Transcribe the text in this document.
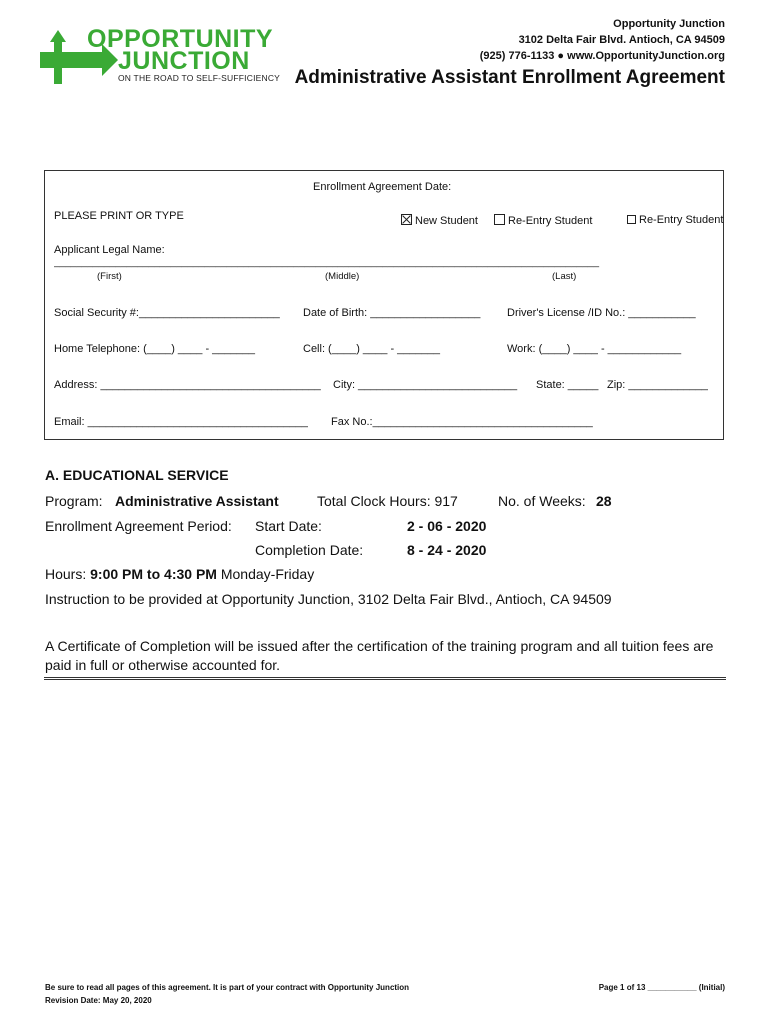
OPPORTUNITY
JUNCTION
ON THE ROAD TO SELF-SUFFICIENCY
Opportunity Junction
3102 Delta Fair Blvd. Antioch, CA 94509
(925) 776-1133 ● www.OpportunityJunction.org
Administrative Assistant Enrollment Agreement
Enrollment Agreement Date:
PLEASE PRINT OR TYPE	New Student	Re-Entry Student	Re-Entry Student
Applicant Legal Name:
__________________________________________________________________________________________________
(First)	(Middle)	(Last)
Social Security #:_______________________ Date of Birth: __________________ Driver's License /ID No.: ___________
Home Telephone: (____) ____ - _______	Cell: (____) ____ - _______	Work: (____) ____ - ____________
Address: ____________________________________ City: __________________________ State: _____ Zip: _____________
Email: ____________________________________ Fax No.:____________________________________
A. EDUCATIONAL SERVICE
Program: Administrative Assistant	Total Clock Hours: 917	No. of Weeks: 28
Enrollment Agreement Period: Start Date:	2 - 06 - 2020
Completion Date:	8 - 24 - 2020
Hours: 9:00 PM to 4:30 PM Monday-Friday
Instruction to be provided at Opportunity Junction, 3102 Delta Fair Blvd., Antioch, CA 94509
A Certificate of Completion will be issued after the certification of the training program and all tuition fees are
paid in full or otherwise accounted for.
Be sure to read all pages of this agreement. It is part of your contract with Opportunity Junction
Revision Date: May 20, 2020
Page 1 of 13 ___________ (Initial)
